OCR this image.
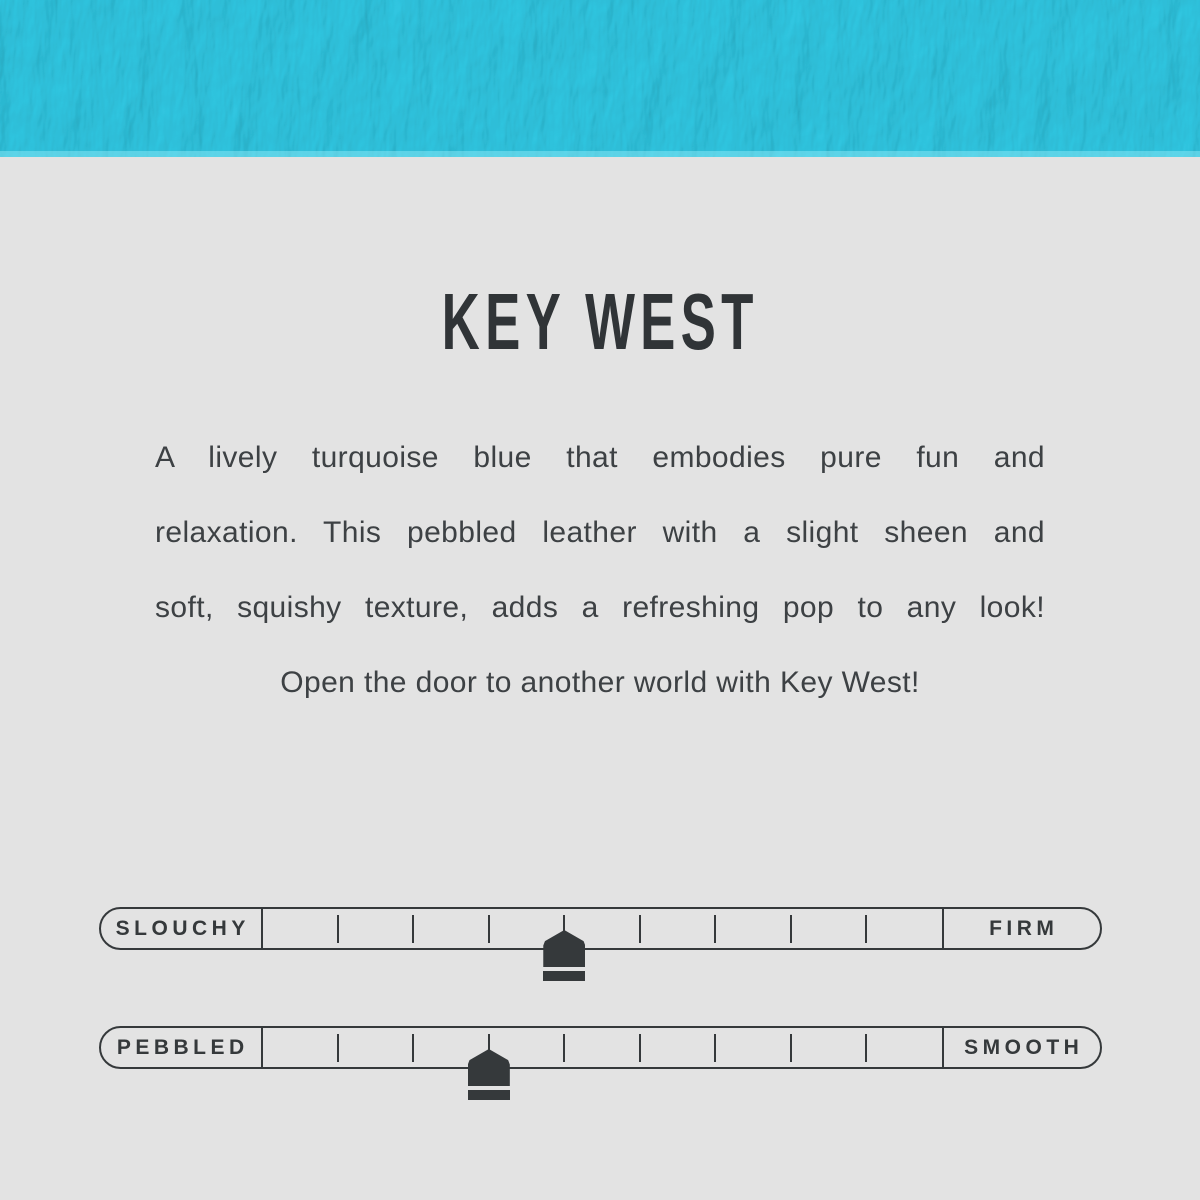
KEY WEST
A lively turquoise blue that embodies pure fun and
relaxation. This pebbled leather with a slight sheen and
soft, squishy texture, adds a refreshing pop to any look!
Open the door to another world with Key West!
SLOUCHY	FIRM
PEBBLED	SMOOTH
